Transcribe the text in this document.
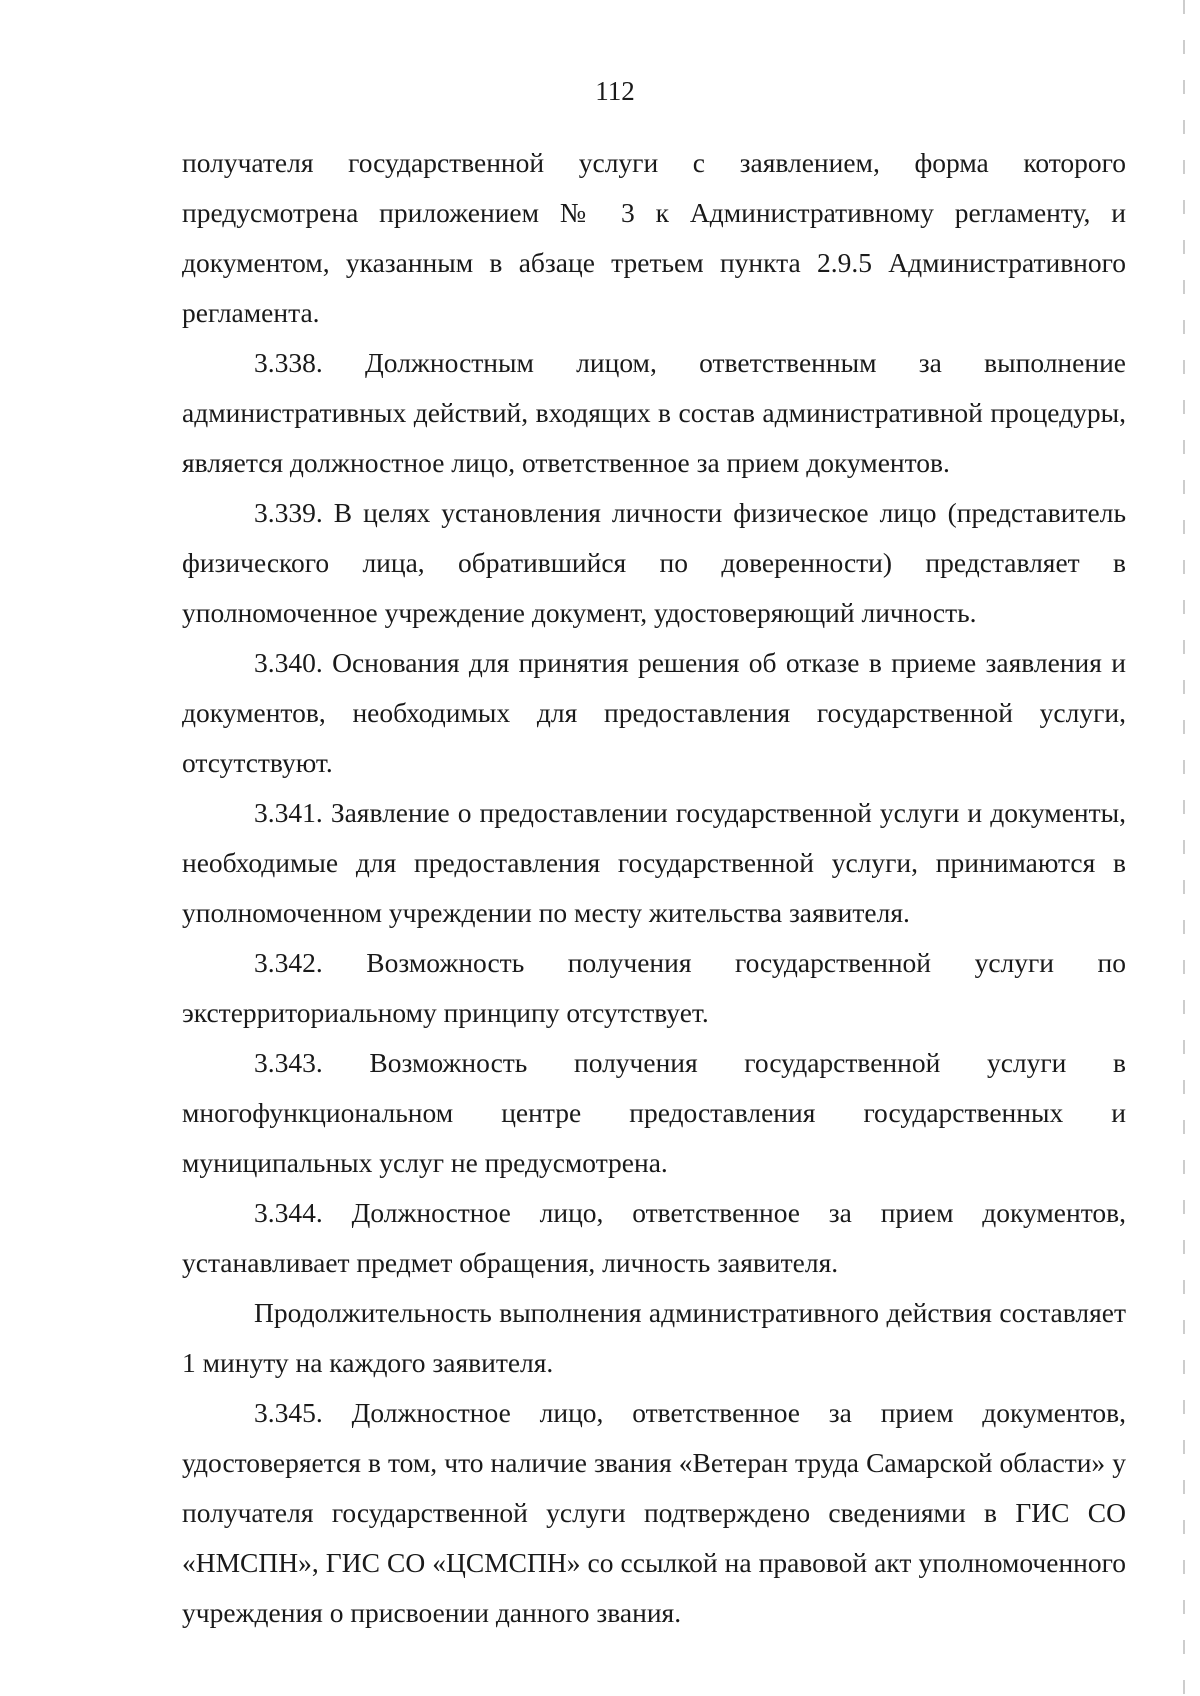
112

получателя государственной услуги с заявлением, форма которого предусмотрена приложением № 3 к Административному регламенту, и документом, указанным в абзаце третьем пункта 2.9.5 Административного регламента.

3.338. Должностным лицом, ответственным за выполнение административных действий, входящих в состав административной процедуры, является должностное лицо, ответственное за прием документов.

3.339. В целях установления личности физическое лицо (представитель физического лица, обратившийся по доверенности) представляет в уполномоченное учреждение документ, удостоверяющий личность.

3.340. Основания для принятия решения об отказе в приеме заявления и документов, необходимых для предоставления государственной услуги, отсутствуют.

3.341. Заявление о предоставлении государственной услуги и документы, необходимые для предоставления государственной услуги, принимаются в уполномоченном учреждении по месту жительства заявителя.

3.342. Возможность получения государственной услуги по экстерриториальному принципу отсутствует.

3.343. Возможность получения государственной услуги в многофункциональном центре предоставления государственных и муниципальных услуг не предусмотрена.

3.344. Должностное лицо, ответственное за прием документов, устанавливает предмет обращения, личность заявителя.

Продолжительность выполнения административного действия составляет 1 минуту на каждого заявителя.

3.345. Должностное лицо, ответственное за прием документов, удостоверяется в том, что наличие звания «Ветеран труда Самарской области» у получателя государственной услуги подтверждено сведениями в ГИС СО «НМСПН», ГИС СО «ЦСМСПН» со ссылкой на правовой акт уполномоченного учреждения о присвоении данного звания.
